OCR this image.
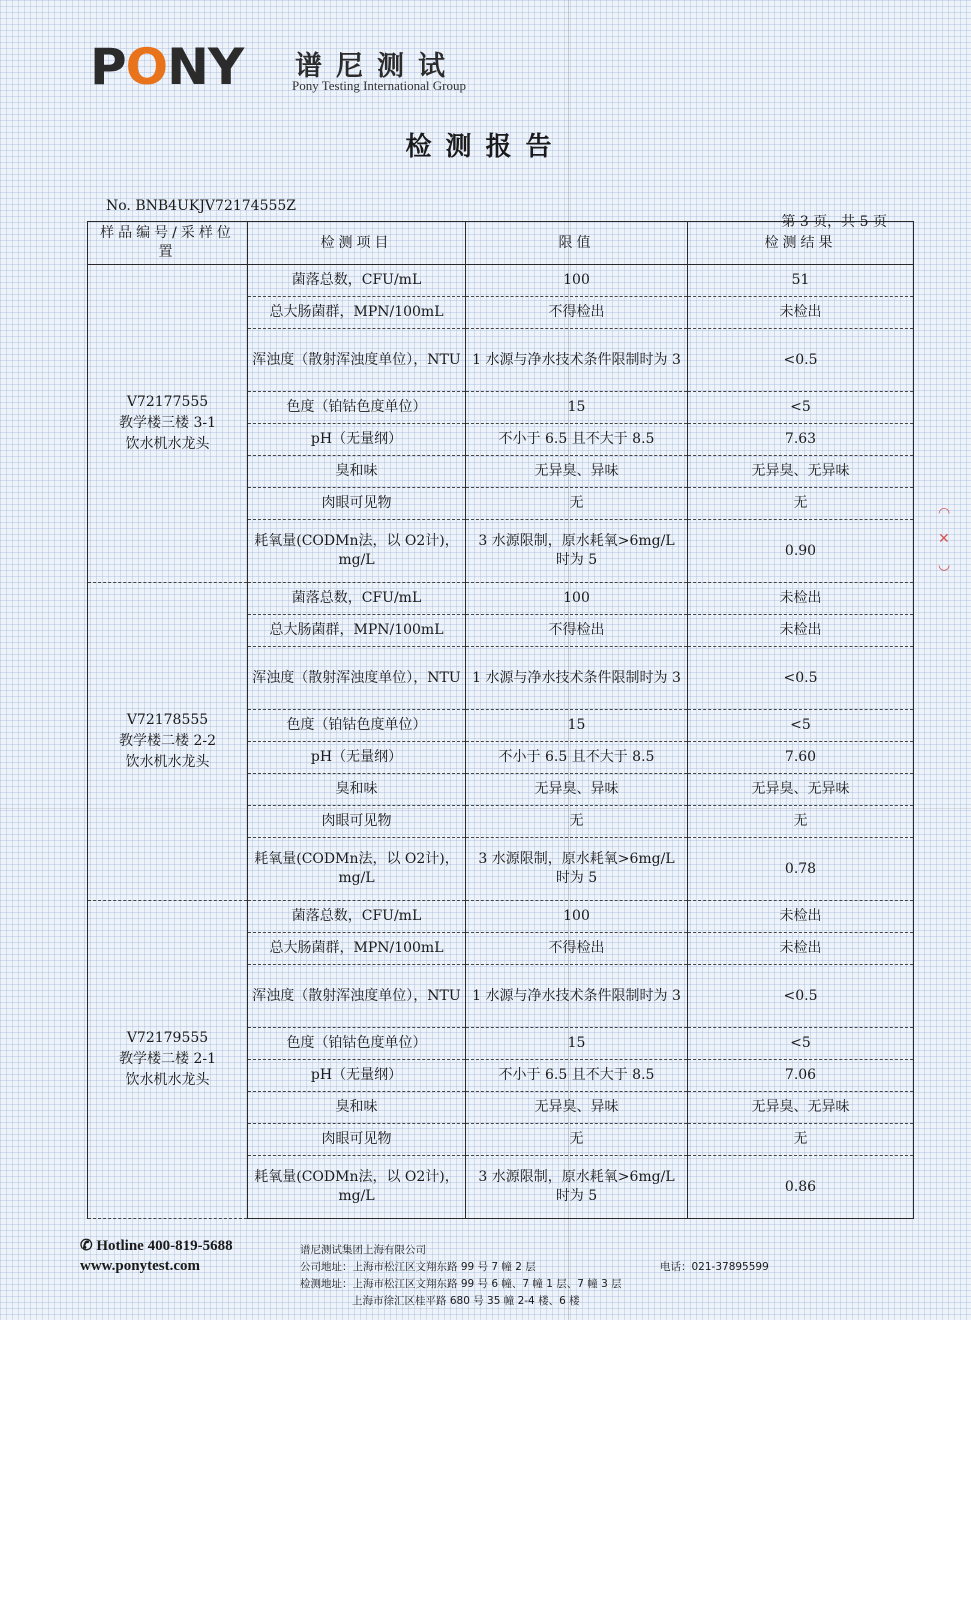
PONY 谱尼测试
Pony Testing International Group
检测报告
No. BNB4UKJV72174555Z
第 3 页，共 5 页
样品编号/采样位置	检测项目	限值	检测结果

V72177555
教学楼三楼 3-1
饮水机水龙头	菌落总数，CFU/mL	100	51
	总大肠菌群，MPN/100mL	不得检出	未检出
	浑浊度（散射浑浊度单位），NTU	1 水源与净水技术条件限制时为 3	<0.5
	色度（铂钴色度单位）	15	<5
	pH（无量纲）	不小于 6.5 且不大于 8.5	7.63
	臭和味	无异臭、异味	无异臭、无异味
	肉眼可见物	无	无
	耗氧量(CODMn法，以 O2计)，mg/L	3 水源限制，原水耗氧>6mg/L 时为 5	0.90

V72178555
教学楼二楼 2-2
饮水机水龙头	菌落总数，CFU/mL	100	未检出
	总大肠菌群，MPN/100mL	不得检出	未检出
	浑浊度（散射浑浊度单位），NTU	1 水源与净水技术条件限制时为 3	<0.5
	色度（铂钴色度单位）	15	<5
	pH（无量纲）	不小于 6.5 且不大于 8.5	7.60
	臭和味	无异臭、异味	无异臭、无异味
	肉眼可见物	无	无
	耗氧量(CODMn法，以 O2计)，mg/L	3 水源限制，原水耗氧>6mg/L 时为 5	0.78

V72179555
教学楼二楼 2-1
饮水机水龙头	菌落总数，CFU/mL	100	未检出
	总大肠菌群，MPN/100mL	不得检出	未检出
	浑浊度（散射浑浊度单位），NTU	1 水源与净水技术条件限制时为 3	<0.5
	色度（铂钴色度单位）	15	<5
	pH（无量纲）	不小于 6.5 且不大于 8.5	7.06
	臭和味	无异臭、异味	无异臭、无异味
	肉眼可见物	无	无
	耗氧量(CODMn法，以 O2计)，mg/L	3 水源限制，原水耗氧>6mg/L 时为 5	0.86
✆ Hotline 400-819-5688
www.ponytest.com
谱尼测试集团上海有限公司
公司地址：上海市松江区文翔东路 99 号 7 幢 2 层
检测地址：上海市松江区文翔东路 99 号 6 幢、7 幢 1 层、7 幢 3 层
上海市徐汇区桂平路 680 号 35 幢 2-4 楼、6 楼
电话：021-37895599
◠
✕
◡
